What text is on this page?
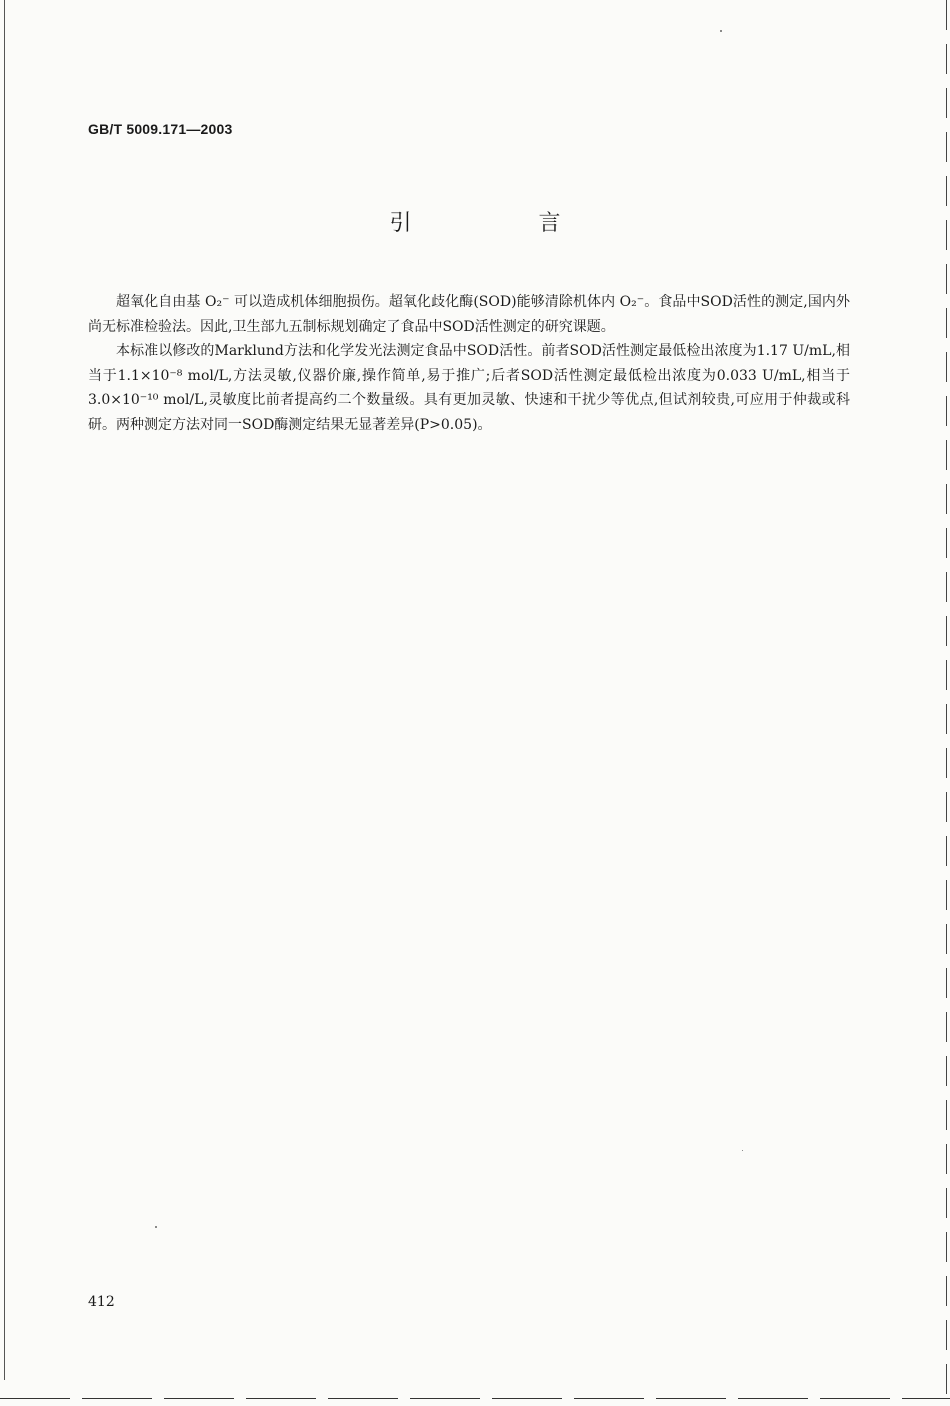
GB/T 5009.171—2003
引 言

超氧化自由基 O₂⁻ 可以造成机体细胞损伤。超氧化歧化酶(SOD)能够清除机体内 O₂⁻。食品中SOD活性的测定,国内外尚无标准检验法。因此,卫生部九五制标规划确定了食品中SOD活性测定的研究课题。

本标准以修改的Marklund方法和化学发光法测定食品中SOD活性。前者SOD活性测定最低检出浓度为1.17 U/mL,相当于1.1×10⁻⁸ mol/L,方法灵敏,仪器价廉,操作简单,易于推广;后者SOD活性测定最低检出浓度为0.033 U/mL,相当于3.0×10⁻¹⁰ mol/L,灵敏度比前者提高约二个数量级。具有更加灵敏、快速和干扰少等优点,但试剂较贵,可应用于仲裁或科研。两种测定方法对同一SOD酶测定结果无显著差异(P>0.05)。

412
